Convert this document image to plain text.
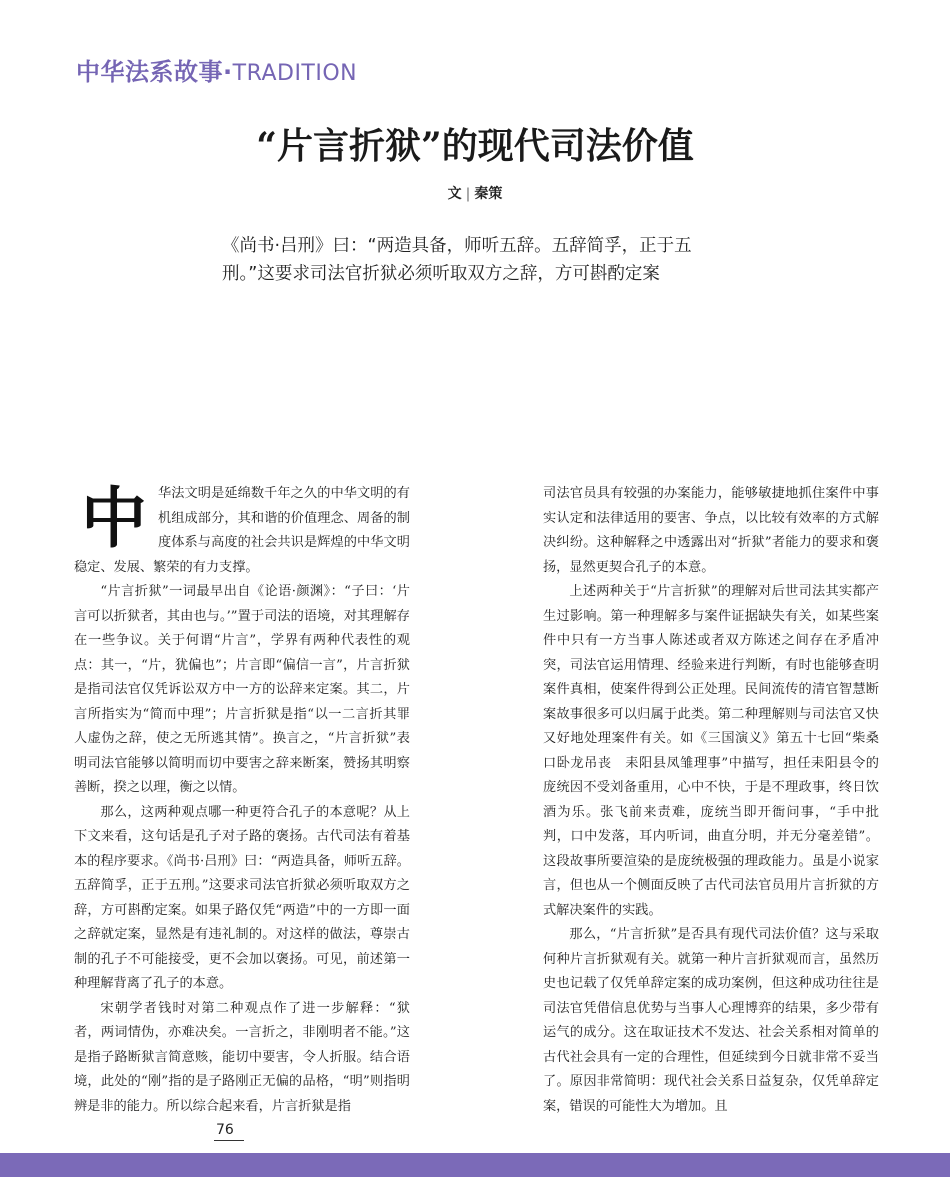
中华法系故事·TRADITION
“片言折狱”的现代司法价值
文 | 秦策
《尚书·吕刑》曰：“两造具备，师听五辞。五辞简孚，正于五刑。”这要求司法官折狱必须听取双方之辞，方可斟酌定案
中 华法文明是延绵数千年之久的中华文明的有机组成部分，其和谐的价值理念、周备的制度体系与高度的社会共识是辉煌的中华文明稳定、发展、繁荣的有力支撑。

“片言折狱”一词最早出自《论语·颜渊》：“子曰：‘片言可以折狱者，其由也与。’”置于司法的语境，对其理解存在一些争议。关于何谓“片言”，学界有两种代表性的观点：其一，“片，犹偏也”；片言即“偏信一言”，片言折狱是指司法官仅凭诉讼双方中一方的讼辞来定案。其二，片言所指实为“简而中理”；片言折狱是指“以一二言折其罪人虚伪之辞，使之无所逃其情”。换言之，“片言折狱”表明司法官能够以简明而切中要害之辞来断案，赞扬其明察善断，揆之以理，衡之以情。

那么，这两种观点哪一种更符合孔子的本意呢？从上下文来看，这句话是孔子对子路的褒扬。古代司法有着基本的程序要求。《尚书·吕刑》曰：“两造具备，师听五辞。五辞简孚，正于五刑。”这要求司法官折狱必须听取双方之辞，方可斟酌定案。如果子路仅凭“两造”中的一方即一面之辞就定案，显然是有违礼制的。对这样的做法，尊崇古制的孔子不可能接受，更不会加以褒扬。可见，前述第一种理解背离了孔子的本意。

宋朝学者钱时对第二种观点作了进一步解释：“狱者，两词情伪，亦难决矣。一言折之，非刚明者不能。”这是指子路断狱言简意赅，能切中要害，令人折服。结合语境，此处的“刚”指的是子路刚正无偏的品格，“明”则指明辨是非的能力。所以综合起来看，片言折狱是指

司法官员具有较强的办案能力，能够敏捷地抓住案件中事实认定和法律适用的要害、争点，以比较有效率的方式解决纠纷。这种解释之中透露出对“折狱”者能力的要求和褒扬，显然更契合孔子的本意。

上述两种关于“片言折狱”的理解对后世司法其实都产生过影响。第一种理解多与案件证据缺失有关，如某些案件中只有一方当事人陈述或者双方陈述之间存在矛盾冲突，司法官运用情理、经验来进行判断，有时也能够查明案件真相，使案件得到公正处理。民间流传的清官智慧断案故事很多可以归属于此类。第二种理解则与司法官又快又好地处理案件有关。如《三国演义》第五十七回“柴桑口卧龙吊丧　耒阳县凤雏理事”中描写，担任耒阳县令的庞统因不受刘备重用，心中不快，于是不理政事，终日饮酒为乐。张飞前来责难，庞统当即开衙问事，“手中批判，口中发落，耳内听词，曲直分明，并无分毫差错”。这段故事所要渲染的是庞统极强的理政能力。虽是小说家言，但也从一个侧面反映了古代司法官员用片言折狱的方式解决案件的实践。

那么，“片言折狱”是否具有现代司法价值？这与采取何种片言折狱观有关。就第一种片言折狱观而言，虽然历史也记载了仅凭单辞定案的成功案例，但这种成功往往是司法官凭借信息优势与当事人心理博弈的结果，多少带有运气的成分。这在取证技术不发达、社会关系相对简单的古代社会具有一定的合理性，但延续到今日就非常不妥当了。原因非常简明：现代社会关系日益复杂，仅凭单辞定案，错误的可能性大为增加。且

76
